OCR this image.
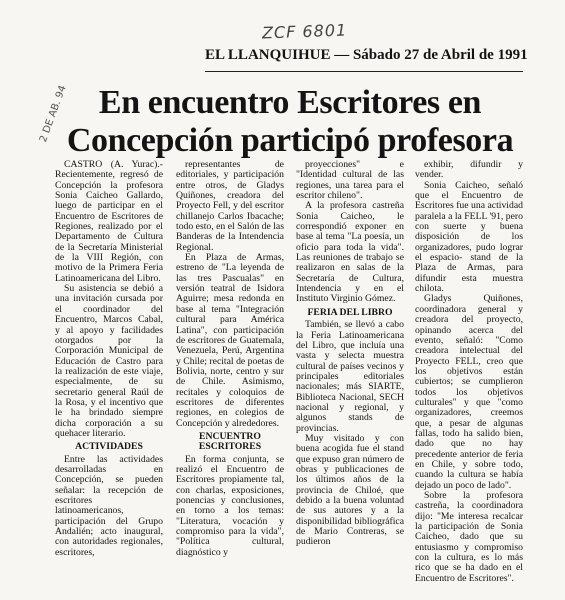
ZCF 6801
2 DE AB. 94
EL LLANQUIHUE — Sábado 27 de Abril de 1991
En encuentro Escritores en
Concepción participó profesora

CASTRO (A. Yurac).- Recientemente, regresó de Concepción la profesora Sonia Caicheo Gallardo, luego de participar en el Encuentro de Escritores de Regiones, realizado por el Departamento de Cultura de la Secretaría Ministerial de la VIII Región, con motivo de la Primera Feria Latinoamericana del Libro.

Su asistencia se debió a una invitación cursada por el coordinador del Encuentro, Marcos Cabal, y al apoyo y facilidades otorgados por la Corporación Municipal de Educación de Castro para la realización de este viaje, especialmente, de su secretario general Raúl de la Rosa, y el incentivo que le ha brindado siempre dicha corporación a su quehacer literario.

ACTIVIDADES

Entre las actividades desarrolladas en Concepción, se pueden señalar: la recepción de escritores latinoamericanos, participación del Grupo Andalién; acto inaugural, con autoridades regionales, escritores,

representantes de editoriales, y participación entre otros, de Gladys Quiñones, creadora del Proyecto Fell, y del escritor chillanejo Carlos Ibacache; todo esto, en el Salón de las Banderas de la Intendencia Regional.

En Plaza de Armas, estreno de "La leyenda de las tres Pascualas" en versión teatral de Isidora Aguirre; mesa redonda en base al tema "Integración cultural para América Latina", con participación de escritores de Guatemala, Venezuela, Perú, Argentina y Chile; recital de poetas de Bolivia, norte, centro y sur de Chile. Asimismo, recitales y coloquios de escritores de diferentes regiones, en colegios de Concepción y alrededores.

ENCUENTRO ESCRITORES

En forma conjunta, se realizó el Encuentro de Escritores propiamente tal, con charlas, exposiciones, ponencias y conclusiones, en torno a los temas: "Literatura, vocación y compromiso para la vida", "Política cultural, diagnóstico y

proyecciones" e "Identidad cultural de las regiones, una tarea para el escritor chileno".

A la profesora castreña Sonia Caicheo, le correspondió exponer en base al tema "La poesía, un oficio para toda la vida". Las reuniones de trabajo se realizaron en salas de la Secretaría de Cultura, Intendencia y en el Instituto Virginio Gómez.

FERIA DEL LIBRO

También, se llevó a cabo la Feria Latinoamericana del Libro, que incluía una vasta y selecta muestra cultural de países vecinos y principales editoriales nacionales; más SIARTE, Biblioteca Nacional, SECH nacional y regional, y algunos stands de provincias.

Muy visitado y con buena acogida fue el stand que expuso gran número de obras y publicaciones de los últimos años de la provincia de Chiloé, que debido a la buena voluntad de sus autores y a la disponibilidad bibliográfica de Mario Contreras, se pudieron

exhibir, difundir y vender.

Sonia Caicheo, señaló que el Encuentro de Escritores fue una actividad paralela a la FELL '91, pero con suerte y buena disposición de los organizadores, pudo lograr el espacio- stand de la Plaza de Armas, para difundir esta muestra chilota.

Gladys Quiñones, coordinadora general y creadora del proyecto, opinando acerca del evento, señaló: "Como creadora intelectual del Proyecto FELL, creo que los objetivos están cubiertos; se cumplieron todos los objetivos culturales" y que "como organizadores, creemos que, a pesar de algunas fallas, todo ha salido bien, dado que no hay precedente anterior de feria en Chile, y sobre todo, cuando la cultura se había dejado un poco de lado".

Sobre la profesora castreña, la coordinadora dijo: "Me interesa recalcar la participación de Sonia Caicheo, dado que su entusiasmo y compromiso con la cultura, es lo más rico que se ha dado en el Encuentro de Escritores".
